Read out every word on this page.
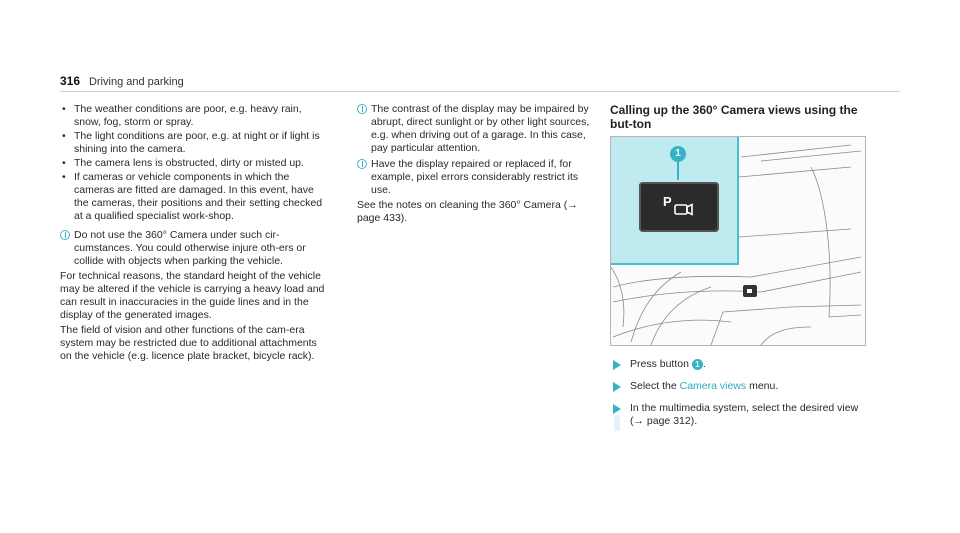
316 Driving and parking
• The weather conditions are poor, e.g. heavy rain, snow, fog, storm or spray.
• The light conditions are poor, e.g. at night or if light is shining into the camera.
• The camera lens is obstructed, dirty or misted up.
• If cameras or vehicle components in which the cameras are fitted are damaged. In this event, have the cameras, their positions and their setting checked at a qualified specialist work-shop.

Do not use the 360° Camera under such cir-cumstances. You could otherwise injure oth-ers or collide with objects when parking the vehicle.

For technical reasons, the standard height of the vehicle may be altered if the vehicle is carrying a heavy load and can result in inaccuracies in the guide lines and in the display of the generated images.

The field of vision and other functions of the cam-era system may be restricted due to additional attachments on the vehicle (e.g. licence plate bracket, bicycle rack).

The contrast of the display may be impaired by abrupt, direct sunlight or by other light sources, e.g. when driving out of a garage. In this case, pay particular attention.

Have the display repaired or replaced if, for example, pixel errors considerably restrict its use.

See the notes on cleaning the 360° Camera (→ page 433).

Calling up the 360° Camera views using the but-ton
1
P
Press button 1 .
Select the Camera views menu.
In the multimedia system, select the desired view (→ page 312).
